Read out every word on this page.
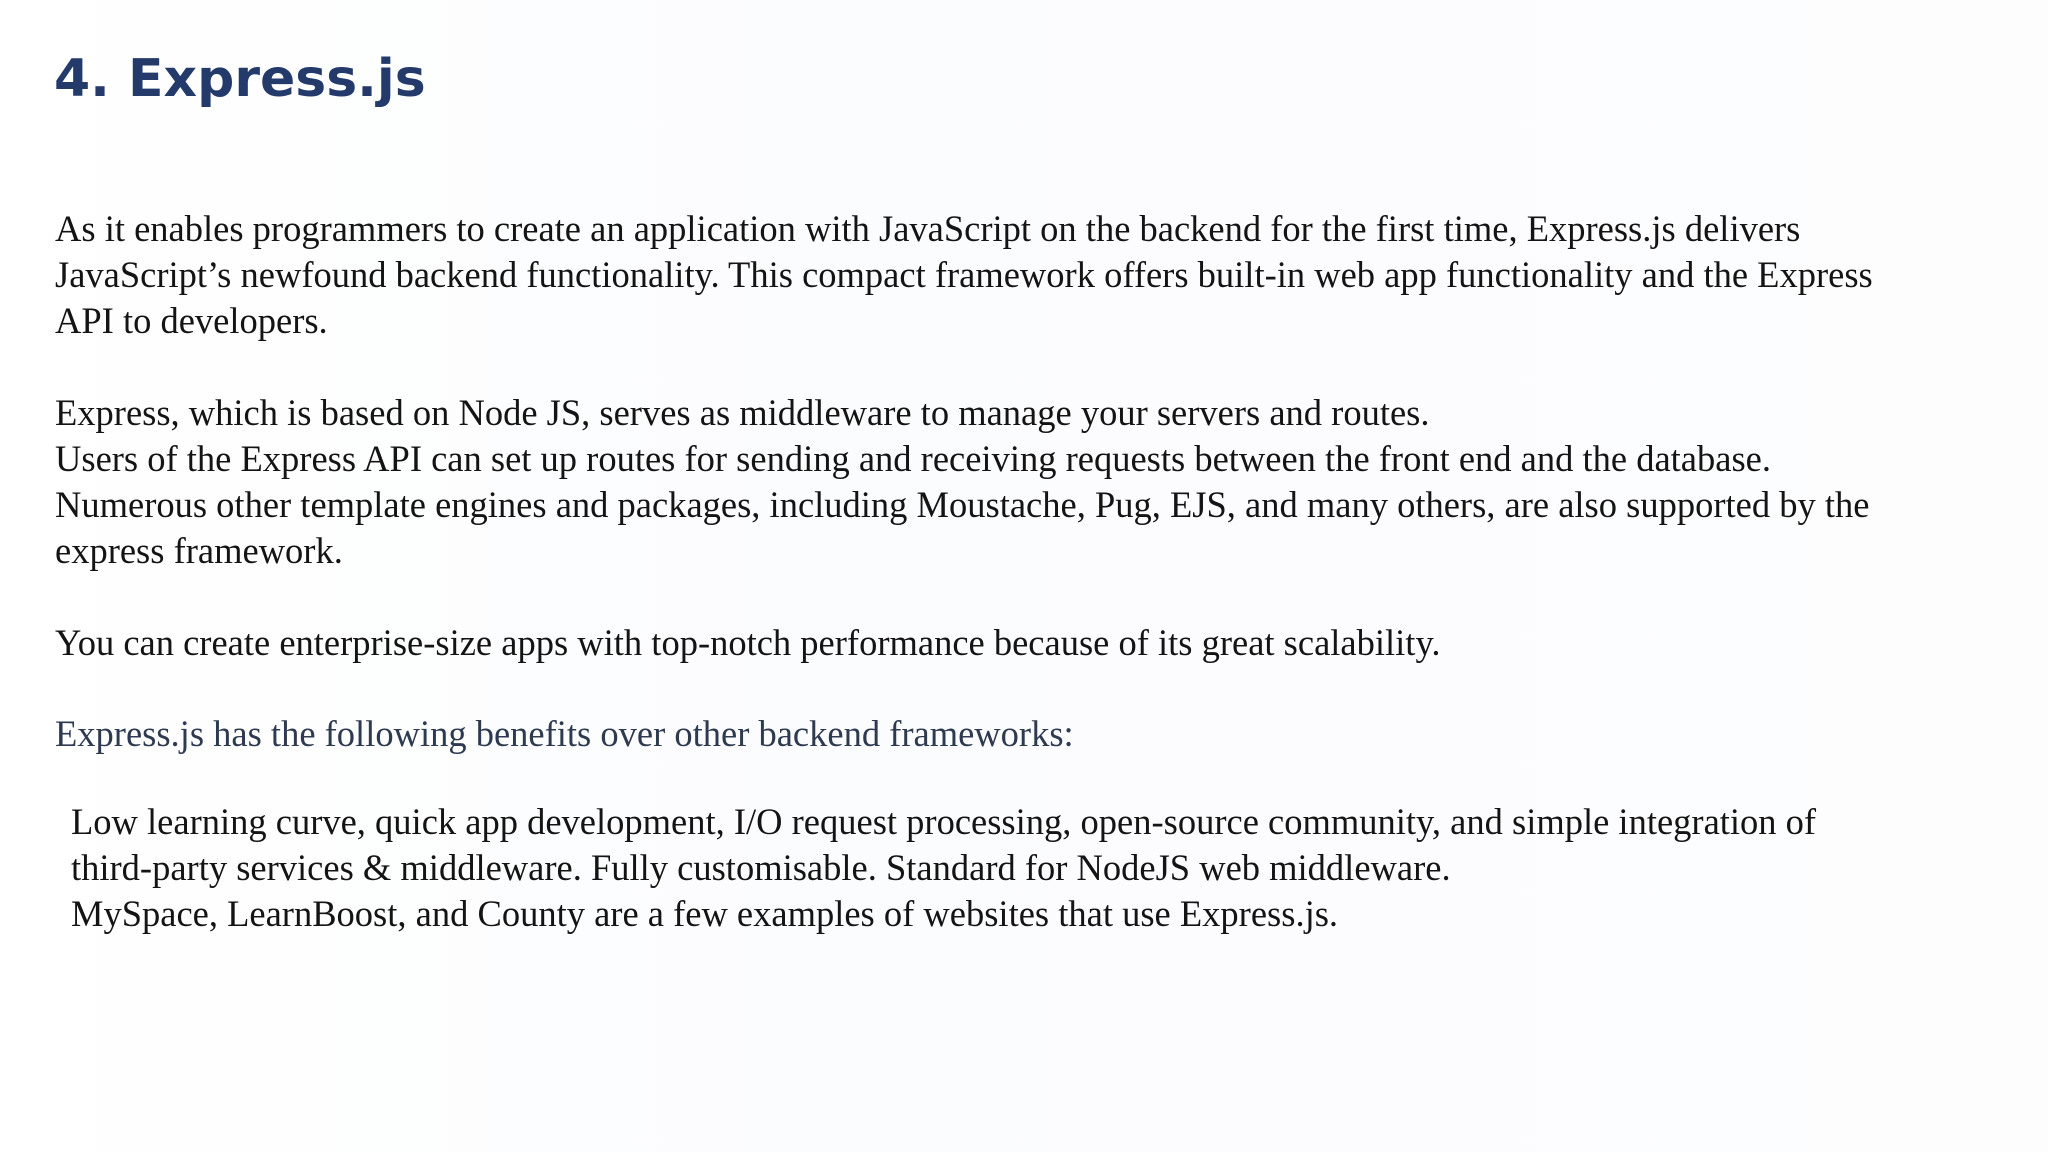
4. Express.js

As it enables programmers to create an application with JavaScript on the backend for the first time, Express.js delivers
JavaScript’s newfound backend functionality. This compact framework offers built-in web app functionality and the Express
API to developers.

Express, which is based on Node JS, serves as middleware to manage your servers and routes.
Users of the Express API can set up routes for sending and receiving requests between the front end and the database.
Numerous other template engines and packages, including Moustache, Pug, EJS, and many others, are also supported by the
express framework.

You can create enterprise-size apps with top-notch performance because of its great scalability.

Express.js has the following benefits over other backend frameworks:

Low learning curve, quick app development, I/O request processing, open-source community, and simple integration of
third-party services & middleware. Fully customisable. Standard for NodeJS web middleware.
MySpace, LearnBoost, and County are a few examples of websites that use Express.js.
